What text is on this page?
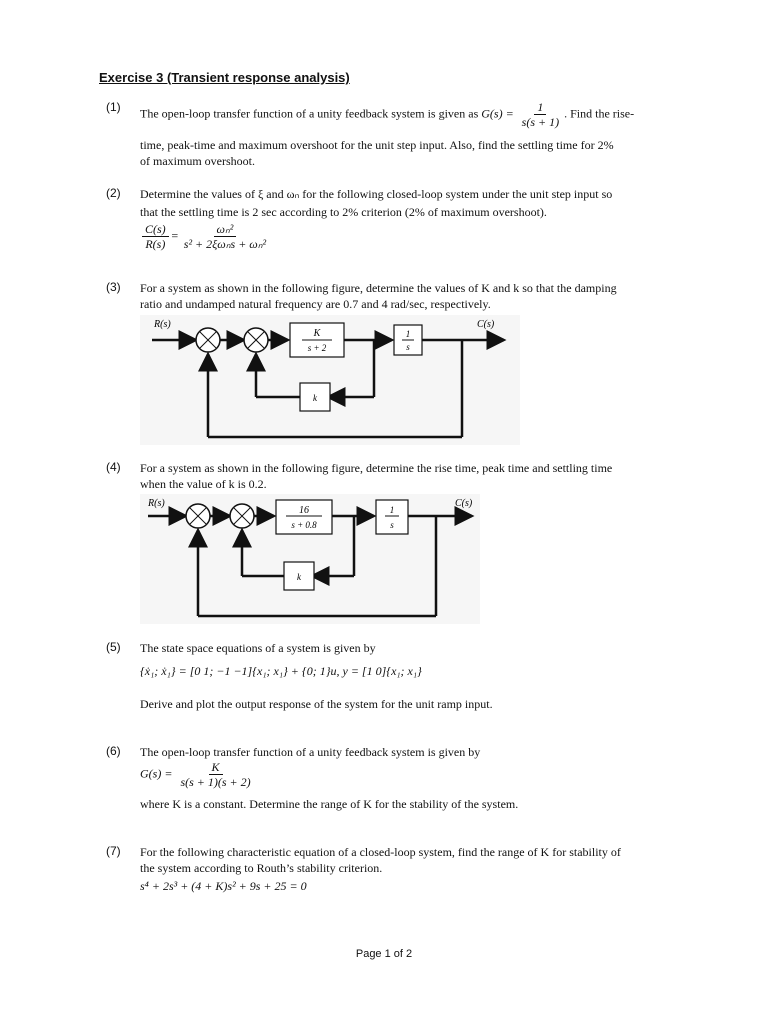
Exercise 3 (Transient response analysis)
(1) The open-loop transfer function of a unity feedback system is given as $G(s) = \frac{1}{s(s + 1)}$ . Find the rise-
time, peak-time and maximum overshoot for the unit step input. Also, find the settling time for 2%
of maximum overshoot.
(2) Determine the values of ξ and ωₙ for the following closed-loop system under the unit step input so
that the settling time is 2 sec according to 2% criterion (2% of maximum overshoot).
$\frac{C(s)}{R(s)} = \frac{\text{ωₙ²}}{\text{s² + 2ξωₙs + ωₙ²}}$
(3) For a system as shown in the following figure, determine the values of K and k so that the damping
ratio and undamped natural frequency are 0.7 and 4 rad/sec, respectively.
R(s)	C(s)
K
s + 2
1
s
k
(4) For a system as shown in the following figure, determine the rise time, peak time and settling time
when the value of k is 0.2.
R(s)	C(s)
16
s + 0.8
1
s
k
(5) The state space equations of a system is given by
{ẋ₁; ẋ₁} = [0 1; −1 −1]{x₁; x₁} + {0; 1}u, y = [1 0]{x₁; x₁}
Derive and plot the output response of the system for the unit ramp input.
(6) The open-loop transfer function of a unity feedback system is given by
$G(s) = \frac{K}{s(s + 1)(s + 2)}$
where K is a constant. Determine the range of K for the stability of the system.
(7) For the following characteristic equation of a closed-loop system, find the range of K for stability of
the system according to Routh’s stability criterion.
s⁴ + 2s³ + (4 + K)s² + 9s + 25 = 0
Page 1 of 2
